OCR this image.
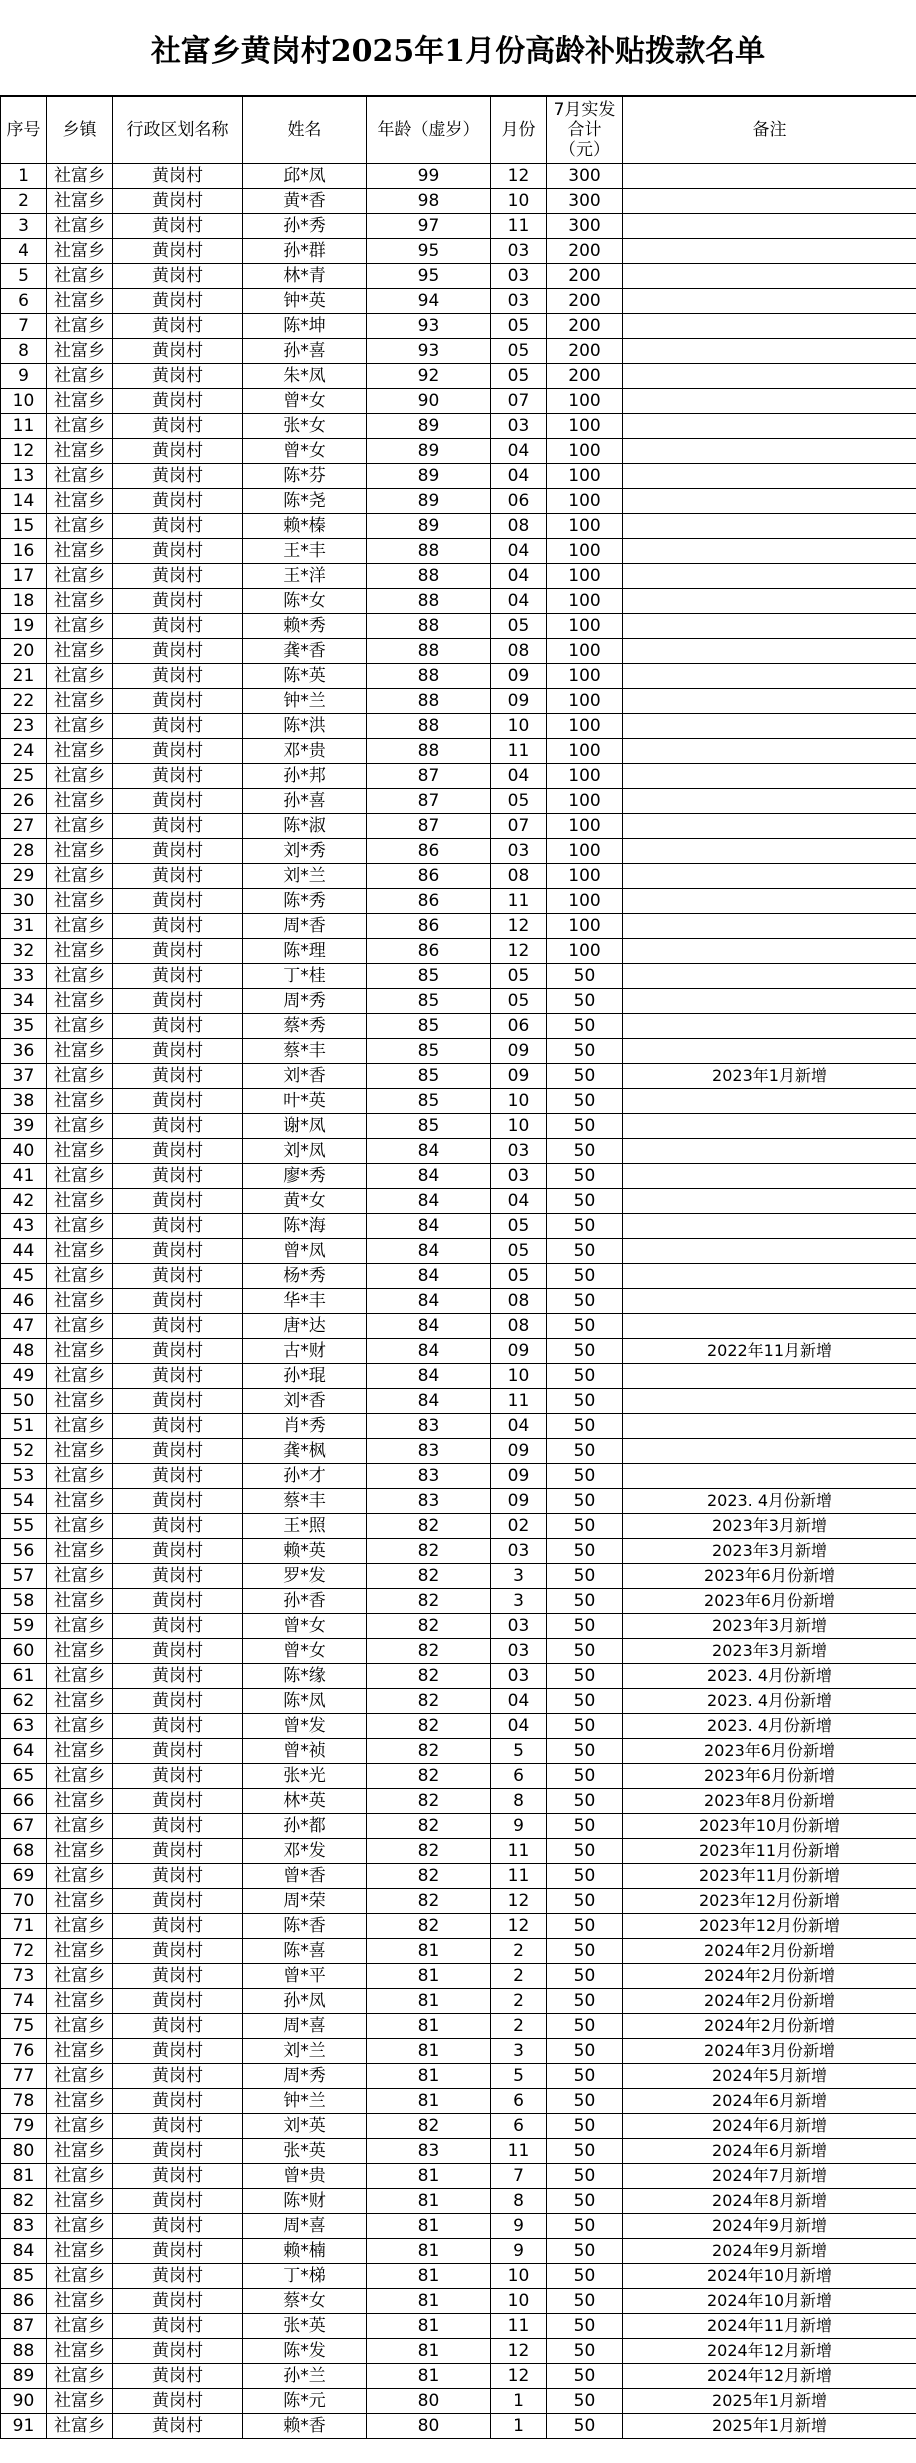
社富乡黄岗村2025年1月份高龄补贴拨款名单
序号	乡镇	行政区划名称	姓名	年龄（虚岁）	月份	7月实发合计（元）	备注
1	社富乡	黄岗村	邱*凤	99	12	300	
2	社富乡	黄岗村	黄*香	98	10	300	
3	社富乡	黄岗村	孙*秀	97	11	300	
4	社富乡	黄岗村	孙*群	95	03	200	
5	社富乡	黄岗村	林*青	95	03	200	
6	社富乡	黄岗村	钟*英	94	03	200	
7	社富乡	黄岗村	陈*坤	93	05	200	
8	社富乡	黄岗村	孙*喜	93	05	200	
9	社富乡	黄岗村	朱*凤	92	05	200	
10	社富乡	黄岗村	曾*女	90	07	100	
11	社富乡	黄岗村	张*女	89	03	100	
12	社富乡	黄岗村	曾*女	89	04	100	
13	社富乡	黄岗村	陈*芬	89	04	100	
14	社富乡	黄岗村	陈*尧	89	06	100	
15	社富乡	黄岗村	赖*榛	89	08	100	
16	社富乡	黄岗村	王*丰	88	04	100	
17	社富乡	黄岗村	王*洋	88	04	100	
18	社富乡	黄岗村	陈*女	88	04	100	
19	社富乡	黄岗村	赖*秀	88	05	100	
20	社富乡	黄岗村	龚*香	88	08	100	
21	社富乡	黄岗村	陈*英	88	09	100	
22	社富乡	黄岗村	钟*兰	88	09	100	
23	社富乡	黄岗村	陈*洪	88	10	100	
24	社富乡	黄岗村	邓*贵	88	11	100	
25	社富乡	黄岗村	孙*邦	87	04	100	
26	社富乡	黄岗村	孙*喜	87	05	100	
27	社富乡	黄岗村	陈*淑	87	07	100	
28	社富乡	黄岗村	刘*秀	86	03	100	
29	社富乡	黄岗村	刘*兰	86	08	100	
30	社富乡	黄岗村	陈*秀	86	11	100	
31	社富乡	黄岗村	周*香	86	12	100	
32	社富乡	黄岗村	陈*理	86	12	100	
33	社富乡	黄岗村	丁*桂	85	05	50	
34	社富乡	黄岗村	周*秀	85	05	50	
35	社富乡	黄岗村	蔡*秀	85	06	50	
36	社富乡	黄岗村	蔡*丰	85	09	50	
37	社富乡	黄岗村	刘*香	85	09	50	2023年1月新增
38	社富乡	黄岗村	叶*英	85	10	50	
39	社富乡	黄岗村	谢*凤	85	10	50	
40	社富乡	黄岗村	刘*凤	84	03	50	
41	社富乡	黄岗村	廖*秀	84	03	50	
42	社富乡	黄岗村	黄*女	84	04	50	
43	社富乡	黄岗村	陈*海	84	05	50	
44	社富乡	黄岗村	曾*凤	84	05	50	
45	社富乡	黄岗村	杨*秀	84	05	50	
46	社富乡	黄岗村	华*丰	84	08	50	
47	社富乡	黄岗村	唐*达	84	08	50	
48	社富乡	黄岗村	古*财	84	09	50	2022年11月新增
49	社富乡	黄岗村	孙*琨	84	10	50	
50	社富乡	黄岗村	刘*香	84	11	50	
51	社富乡	黄岗村	肖*秀	83	04	50	
52	社富乡	黄岗村	龚*枫	83	09	50	
53	社富乡	黄岗村	孙*才	83	09	50	
54	社富乡	黄岗村	蔡*丰	83	09	50	2023. 4月份新增
55	社富乡	黄岗村	王*照	82	02	50	2023年3月新增
56	社富乡	黄岗村	赖*英	82	03	50	2023年3月新增
57	社富乡	黄岗村	罗*发	82	3	50	2023年6月份新增
58	社富乡	黄岗村	孙*香	82	3	50	2023年6月份新增
59	社富乡	黄岗村	曾*女	82	03	50	2023年3月新增
60	社富乡	黄岗村	曾*女	82	03	50	2023年3月新增
61	社富乡	黄岗村	陈*缘	82	03	50	2023. 4月份新增
62	社富乡	黄岗村	陈*凤	82	04	50	2023. 4月份新增
63	社富乡	黄岗村	曾*发	82	04	50	2023. 4月份新增
64	社富乡	黄岗村	曾*祯	82	5	50	2023年6月份新增
65	社富乡	黄岗村	张*光	82	6	50	2023年6月份新增
66	社富乡	黄岗村	林*英	82	8	50	2023年8月份新增
67	社富乡	黄岗村	孙*都	82	9	50	2023年10月份新增
68	社富乡	黄岗村	邓*发	82	11	50	2023年11月份新增
69	社富乡	黄岗村	曾*香	82	11	50	2023年11月份新增
70	社富乡	黄岗村	周*荣	82	12	50	2023年12月份新增
71	社富乡	黄岗村	陈*香	82	12	50	2023年12月份新增
72	社富乡	黄岗村	陈*喜	81	2	50	2024年2月份新增
73	社富乡	黄岗村	曾*平	81	2	50	2024年2月份新增
74	社富乡	黄岗村	孙*凤	81	2	50	2024年2月份新增
75	社富乡	黄岗村	周*喜	81	2	50	2024年2月份新增
76	社富乡	黄岗村	刘*兰	81	3	50	2024年3月份新增
77	社富乡	黄岗村	周*秀	81	5	50	2024年5月新增
78	社富乡	黄岗村	钟*兰	81	6	50	2024年6月新增
79	社富乡	黄岗村	刘*英	82	6	50	2024年6月新增
80	社富乡	黄岗村	张*英	83	11	50	2024年6月新增
81	社富乡	黄岗村	曾*贵	81	7	50	2024年7月新增
82	社富乡	黄岗村	陈*财	81	8	50	2024年8月新增
83	社富乡	黄岗村	周*喜	81	9	50	2024年9月新增
84	社富乡	黄岗村	赖*楠	81	9	50	2024年9月新增
85	社富乡	黄岗村	丁*梯	81	10	50	2024年10月新增
86	社富乡	黄岗村	蔡*女	81	10	50	2024年10月新增
87	社富乡	黄岗村	张*英	81	11	50	2024年11月新增
88	社富乡	黄岗村	陈*发	81	12	50	2024年12月新增
89	社富乡	黄岗村	孙*兰	81	12	50	2024年12月新增
90	社富乡	黄岗村	陈*元	80	1	50	2025年1月新增
91	社富乡	黄岗村	赖*香	80	1	50	2025年1月新增
